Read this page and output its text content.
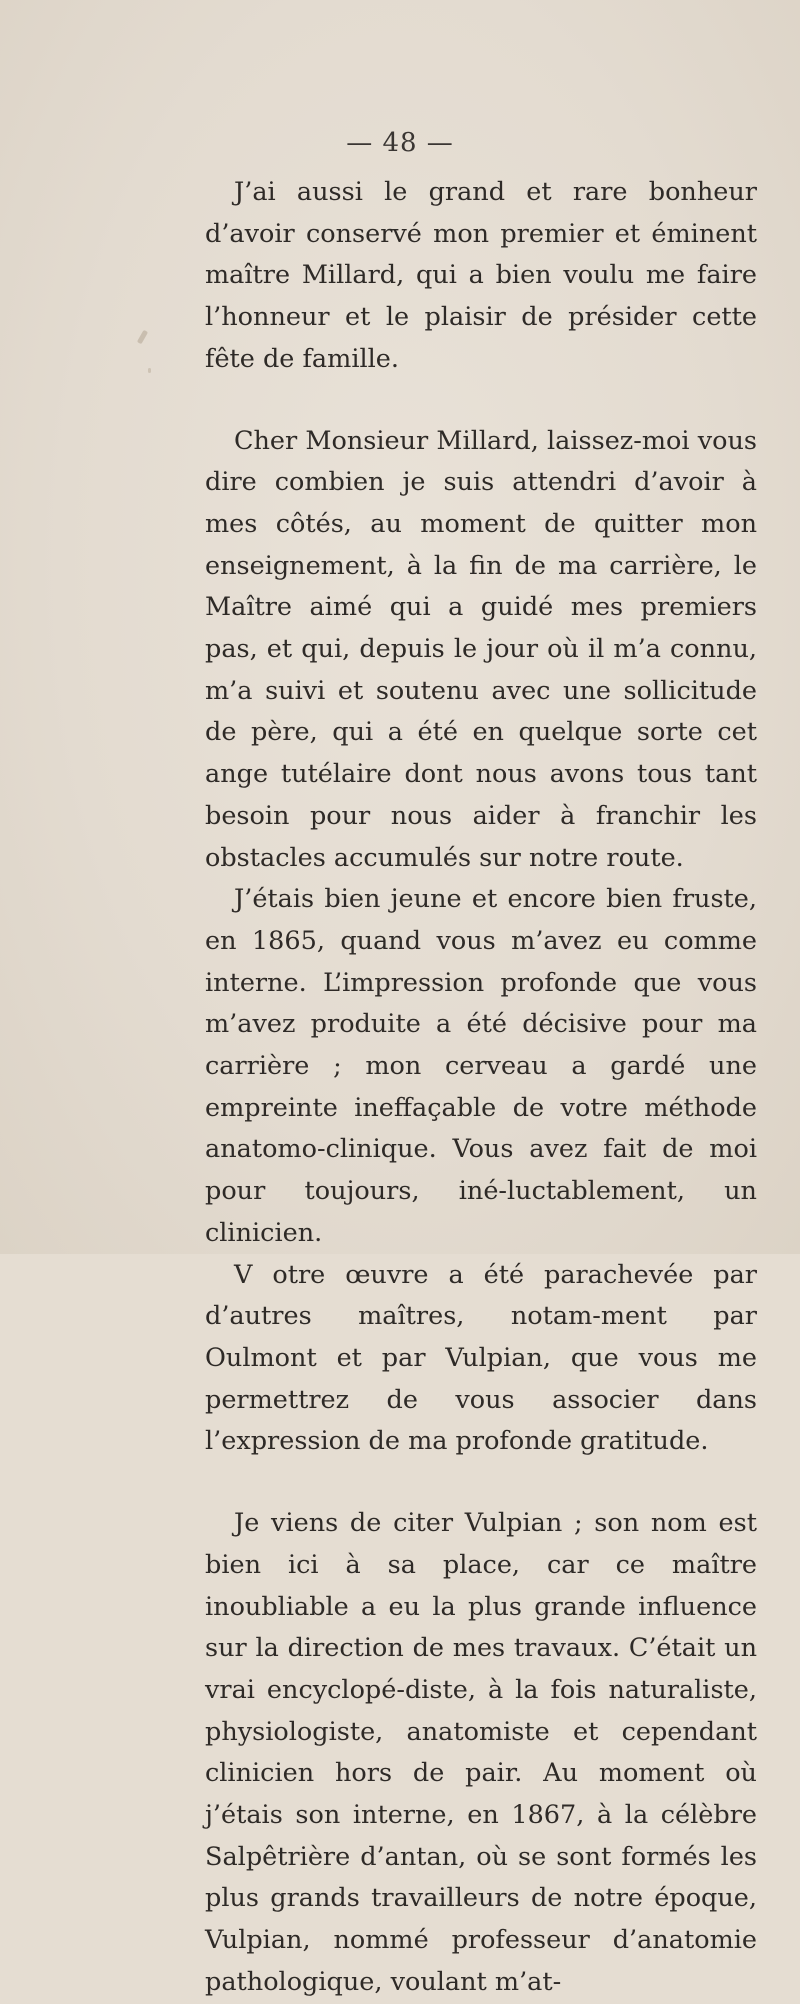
— 48 —

J’ai aussi le grand et rare bonheur d’avoir conservé mon premier et éminent maître Millard, qui a bien voulu me faire l’honneur et le plaisir de présider cette fête de famille.

Cher Monsieur Millard, laissez-moi vous dire combien je suis attendri d’avoir à mes côtés, au moment de quitter mon enseignement, à la fin de ma carrière, le Maître aimé qui a guidé mes premiers pas, et qui, depuis le jour où il m’a connu, m’a suivi et soutenu avec une sollicitude de père, qui a été en quelque sorte cet ange tutélaire dont nous avons tous tant besoin pour nous aider à franchir les obstacles accumulés sur notre route.

J’étais bien jeune et encore bien fruste, en 1865, quand vous m’avez eu comme interne. L’impression profonde que vous m’avez produite a été décisive pour ma carrière ; mon cerveau a gardé une empreinte ineffaçable de votre méthode anatomo-clinique. Vous avez fait de moi pour toujours, iné-luctablement, un clinicien.

V otre œuvre a été parachevée par d’autres maîtres, notam-ment par Oulmont et par Vulpian, que vous me permettrez de vous associer dans l’expression de ma profonde gratitude.

Je viens de citer Vulpian ; son nom est bien ici à sa place, car ce maître inoubliable a eu la plus grande influence sur la direction de mes travaux. C’était un vrai encyclopé-diste, à la fois naturaliste, physiologiste, anatomiste et cependant clinicien hors de pair. Au moment où j’étais son interne, en 1867, à la célèbre Salpêtrière d’antan, où se sont formés les plus grands travailleurs de notre époque, Vulpian, nommé professeur d’anatomie pathologique, voulant m’at-
